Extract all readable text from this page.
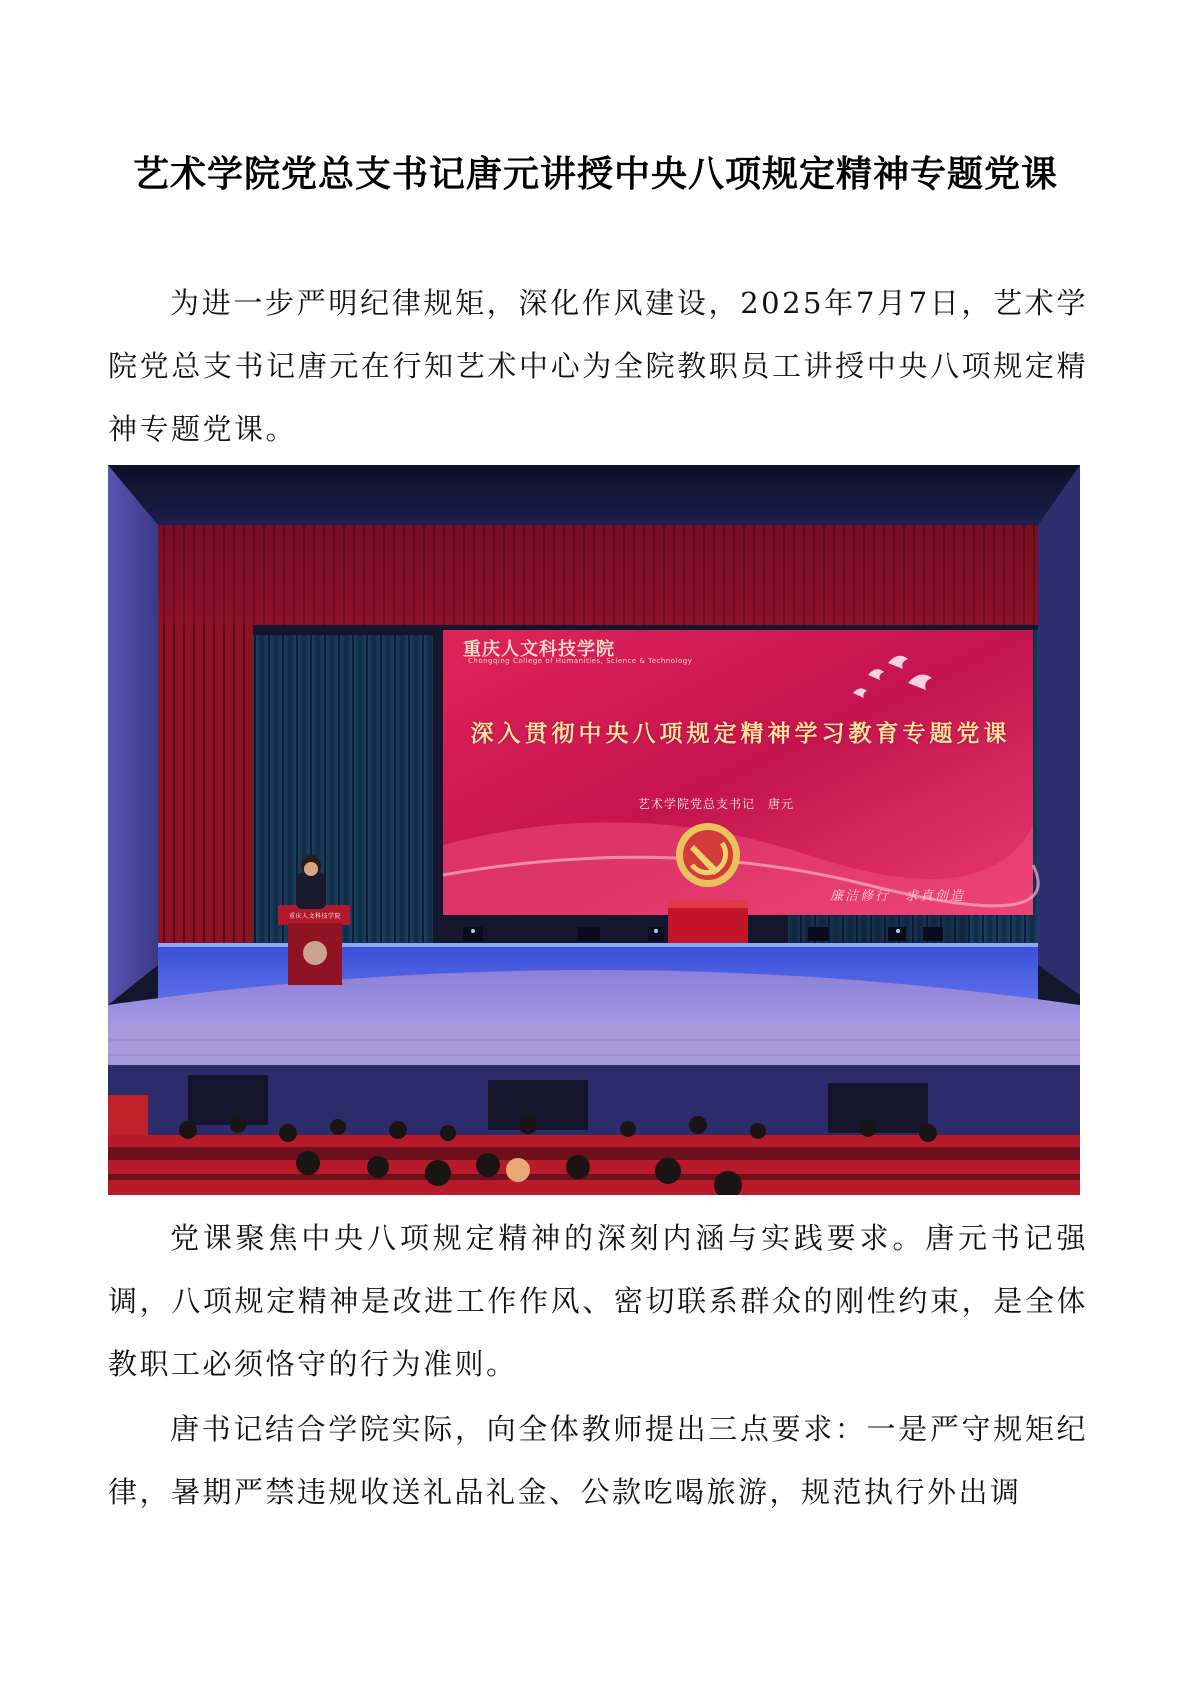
艺术学院党总支书记唐元讲授中央八项规定精神专题党课
为进一步严明纪律规矩，深化作风建设，2025年7月7日，艺术学院党总支书记唐元在行知艺术中心为全院教职员工讲授中央八项规定精神专题党课。
重庆人文科技学院
Chongqing College of Humanities, Science & Technology
深入贯彻中央八项规定精神学习教育专题党课
艺术学院党总支书记　唐元
廉洁修行　求真创造
重庆人文科技学院
党课聚焦中央八项规定精神的深刻内涵与实践要求。唐元书记强调，八项规定精神是改进工作作风、密切联系群众的刚性约束，是全体教职工必须恪守的行为准则。
唐书记结合学院实际，向全体教师提出三点要求：一是严守规矩纪律，暑期严禁违规收送礼品礼金、公款吃喝旅游，规范执行外出调
